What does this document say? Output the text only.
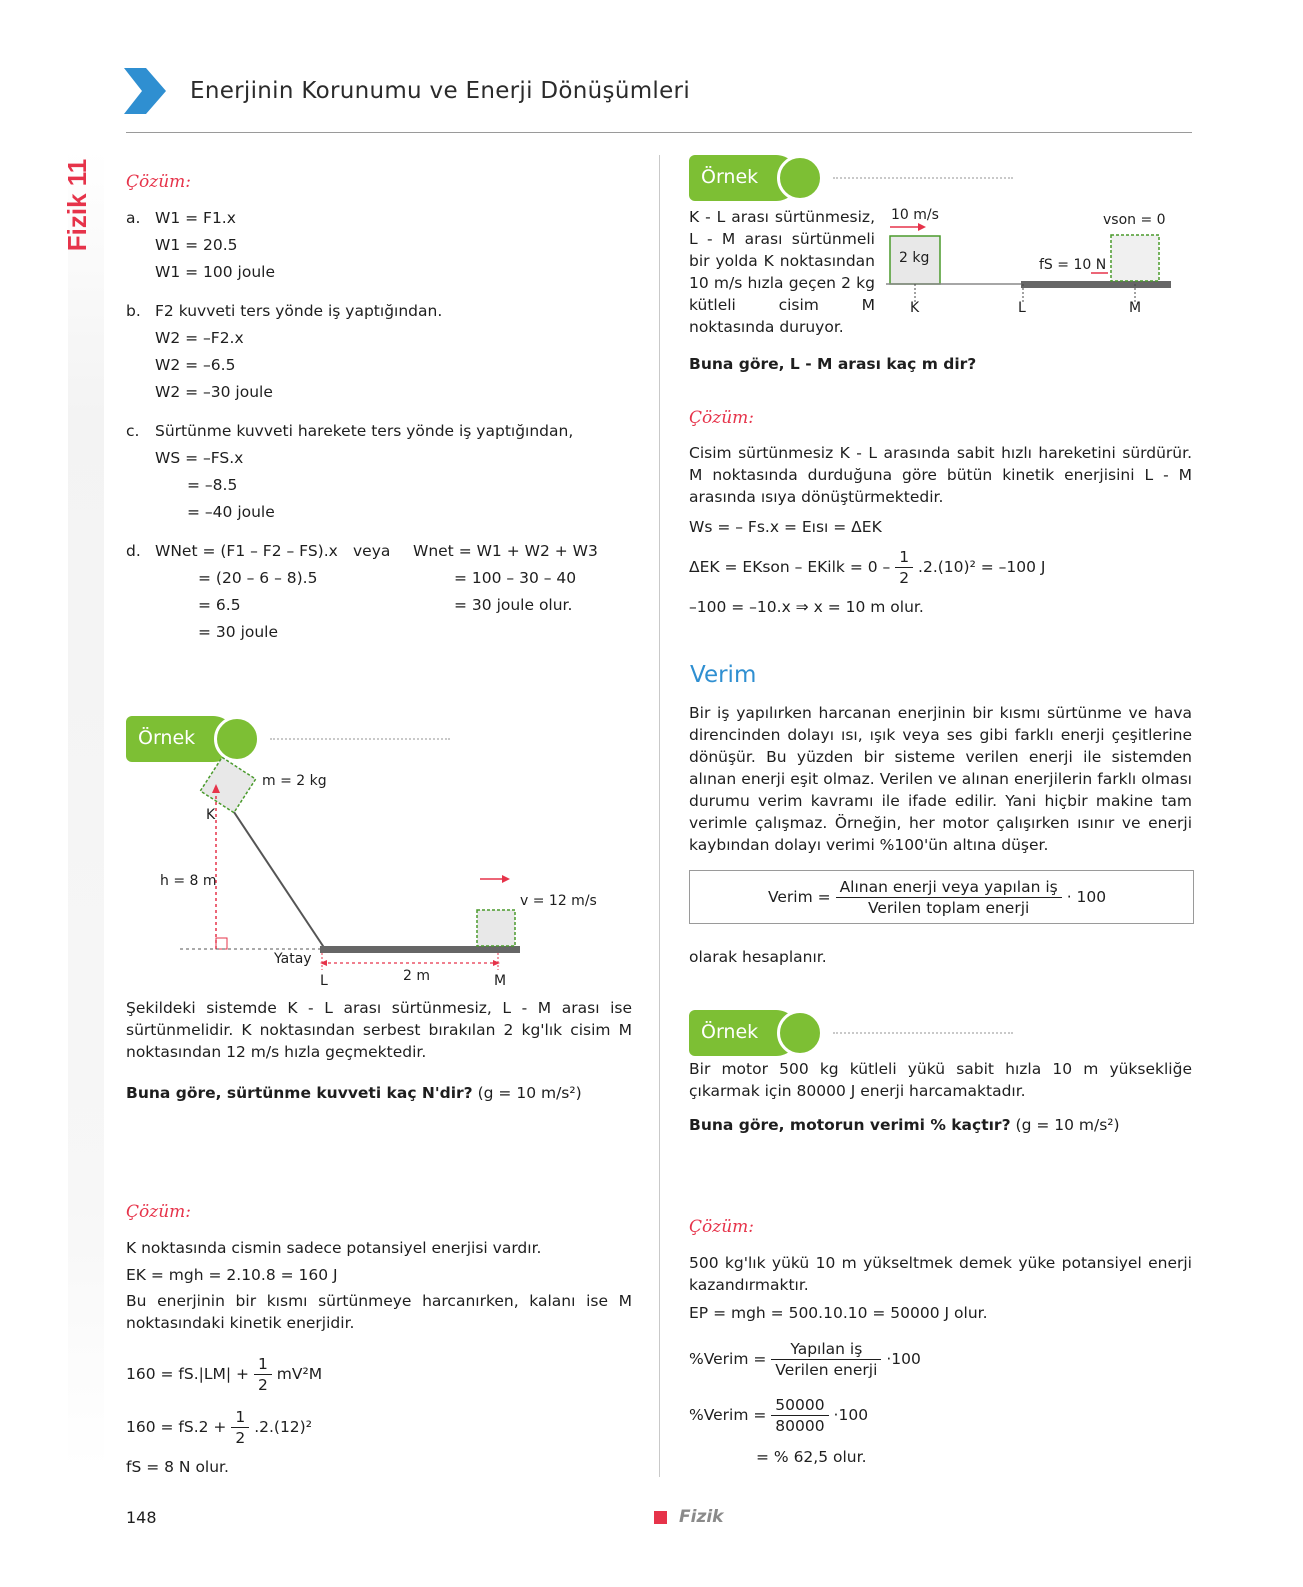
Enerjinin Korunumu ve Enerji Dönüşümleri
Fizik 11 Çözüm:
a. W1 = F1.x
W1 = 20.5
W1 = 100 joule
b. F2 kuvveti ters yönde iş yaptığından.
W2 = –F2.x
W2 = –6.5
W2 = –30 joule
c. Sürtünme kuvveti harekete ters yönde iş yaptığından,
WS = –FS.x
= –8.5
= –40 joule
d. WNet = (F1 – F2 – FS).x veya Wnet = W1 + W2 + W3
= (20 – 6 – 8).5	= 100 – 30 – 40
= 6.5	= 30 joule olur.
= 30 joule
Örnek
m = 2 kg
K
h = 8 m
v = 12 m/s
Yatay
2 m
L	M
Şekildeki sistemde K - L arası sürtünmesiz, L - M arası ise sürtünmelidir. K noktasından serbest bırakılan 2 kg'lık cisim M noktasından 12 m/s hızla geçmektedir.
Buna göre, sürtünme kuvveti kaç N'dir? (g = 10 m/s²)
Çözüm:
K noktasında cismin sadece potansiyel enerjisi vardır.
EK = mgh = 2.10.8 = 160 J
Bu enerjinin bir kısmı sürtünmeye harcanırken, kalanı ise M noktasındaki kinetik enerjidir.
$160 = fS.|LM| + \frac{1}{2} mV^2M$
$160 = fS.2 + \frac{1}{2} .2.(12)^2$
fS = 8 N olur.
Örnek
K - L arası sürtünmesiz, L - M arası sürtünmeli bir yolda K noktasından 10 m/s hızla geçen 2 kg kütleli cisim M noktasında duruyor.
10 m/s
2 kg
vson = 0
fS = 10 N
K	L	M
Buna göre, L - M arası kaç m dir?
Çözüm:
Cisim sürtünmesiz K - L arasında sabit hızlı hareketini sürdürür. M noktasında durduğuna göre bütün kinetik enerjisini L - M arasında ısıya dönüştürmektedir.
Ws = – Fs.x = Eısı = ΔEK
ΔEK = EKson – EKilk = $0 - \frac{1}{2} .2.(10)^2 = -100$ J
–100 = –10.x ⇒ x = 10 m olur.
Verim
Bir iş yapılırken harcanan enerjinin bir kısmı sürtünme ve hava direncinden dolayı ısı, ışık veya ses gibi farklı enerji çeşitlerine dönüşür. Bu yüzden bir sisteme verilen enerji ile sistemden alınan enerji eşit olmaz. Verilen ve alınan enerjilerin farklı olması durumu verim kavramı ile ifade edilir. Yani hiçbir makine tam verimle çalışmaz. Örneğin, her motor çalışırken ısınır ve enerji kaybından dolayı verimi %100'ün altına düşer.
Verim = $\frac{\text{Alınan enerji veya yapılan iş}}{\text{Verilen toplam enerji}} \cdot 100$
olarak hesaplanır.
Örnek
Bir motor 500 kg kütleli yükü sabit hızla 10 m yüksekliğe çıkarmak için 80000 J enerji harcamaktadır.
Buna göre, motorun verimi % kaçtır? (g = 10 m/s²)
Çözüm:
500 kg'lık yükü 10 m yükseltmek demek yüke potansiyel enerji kazandırmaktır.
EP = mgh = 500.10.10 = 50000 J olur.
%Verim = $\frac{\text{Yapılan iş}}{\text{Verilen enerji}} \cdot 100$
%Verim = $\frac{50000}{80000} \cdot 100$
= % 62,5 olur.
148	Fizik
